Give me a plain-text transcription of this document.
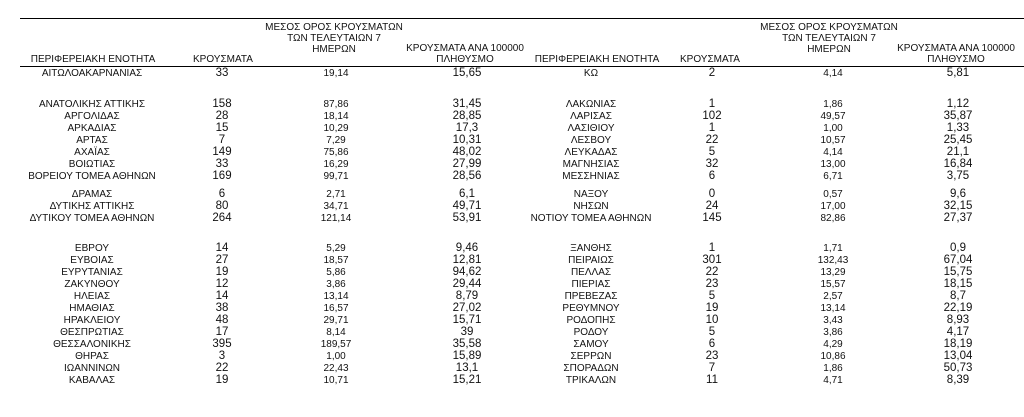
ΠΕΡΙΦΕΡΕΙΑΚΗ ΕΝΟΤΗΤΑ	ΚΡΟΥΣΜΑΤΑ
ΜΕΣΟΣ ΟΡΟΣ ΚΡΟΥΣΜΑΤΩΝ
ΤΩΝ ΤΕΛΕΥΤΑΙΩΝ 7
ΗΜΕΡΩΝ	ΚΡΟΥΣΜΑΤΑ ΑΝΑ 100000
ΠΛΗΘΥΣΜΟ	ΠΕΡΙΦΕΡΕΙΑΚΗ ΕΝΟΤΗΤΑ	ΚΡΟΥΣΜΑΤΑ
ΜΕΣΟΣ ΟΡΟΣ ΚΡΟΥΣΜΑΤΩΝ
ΤΩΝ ΤΕΛΕΥΤΑΙΩΝ 7
ΗΜΕΡΩΝ	ΚΡΟΥΣΜΑΤΑ ΑΝΑ 100000
ΠΛΗΘΥΣΜΟ
ΑΙΤΩΛΟΑΚΑΡΝΑΝΙΑΣ	33	19,14	15,65
ΑΝΑΤΟΛΙΚΗΣ ΑΤΤΙΚΗΣ	158	87,86	31,45
ΑΡΓΟΛΙΔΑΣ	28	18,14	28,85
ΑΡΚΑΔΙΑΣ	15	10,29	17,3
ΑΡΤΑΣ	7	7,29	10,31
ΑΧΑΪΑΣ	149	75,86	48,02
ΒΟΙΩΤΙΑΣ	33	16,29	27,99
ΒΟΡΕΙΟΥ ΤΟΜΕΑ ΑΘΗΝΩΝ	169	99,71	28,56
ΔΡΑΜΑΣ	6	2,71	6,1
ΔΥΤΙΚΗΣ ΑΤΤΙΚΗΣ	80	34,71	49,71
ΔΥΤΙΚΟΥ ΤΟΜΕΑ ΑΘΗΝΩΝ	264	121,14	53,91
ΕΒΡΟΥ	14	5,29	9,46
ΕΥΒΟΙΑΣ	27	18,57	12,81
ΕΥΡΥΤΑΝΙΑΣ	19	5,86	94,62
ΖΑΚΥΝΘΟΥ	12	3,86	29,44
ΗΛΕΙΑΣ	14	13,14	8,79
ΗΜΑΘΙΑΣ	38	16,57	27,02
ΗΡΑΚΛΕΙΟΥ	48	29,71	15,71
ΘΕΣΠΡΩΤΙΑΣ	17	8,14	39
ΘΕΣΣΑΛΟΝΙΚΗΣ	395	189,57	35,58
ΘΗΡΑΣ	3	1,00	15,89
ΙΩΑΝΝΙΝΩΝ	22	22,43	13,1
ΚΑΒΑΛΑΣ	19	10,71	15,21
ΚΩ	2	4,14	5,81
ΛΑΚΩΝΙΑΣ	1	1,86	1,12
ΛΑΡΙΣΑΣ	102	49,57	35,87
ΛΑΣΙΘΙΟΥ	1	1,00	1,33
ΛΕΣΒΟΥ	22	10,57	25,45
ΛΕΥΚΑΔΑΣ	5	4,14	21,1
ΜΑΓΝΗΣΙΑΣ	32	13,00	16,84
ΜΕΣΣΗΝΙΑΣ	6	6,71	3,75
ΝΑΞΟΥ	0	0,57	9,6
ΝΗΣΩΝ	24	17,00	32,15
ΝΟΤΙΟΥ ΤΟΜΕΑ ΑΘΗΝΩΝ	145	82,86	27,37
ΞΑΝΘΗΣ	1	1,71	0,9
ΠΕΙΡΑΙΩΣ	301	132,43	67,04
ΠΕΛΛΑΣ	22	13,29	15,75
ΠΙΕΡΙΑΣ	23	15,57	18,15
ΠΡΕΒΕΖΑΣ	5	2,57	8,7
ΡΕΘΥΜΝΟΥ	19	13,14	22,19
ΡΟΔΟΠΗΣ	10	3,43	8,93
ΡΟΔΟΥ	5	3,86	4,17
ΣΑΜΟΥ	6	4,29	18,19
ΣΕΡΡΩΝ	23	10,86	13,04
ΣΠΟΡΑΔΩΝ	7	1,86	50,73
ΤΡΙΚΑΛΩΝ	11	4,71	8,39
